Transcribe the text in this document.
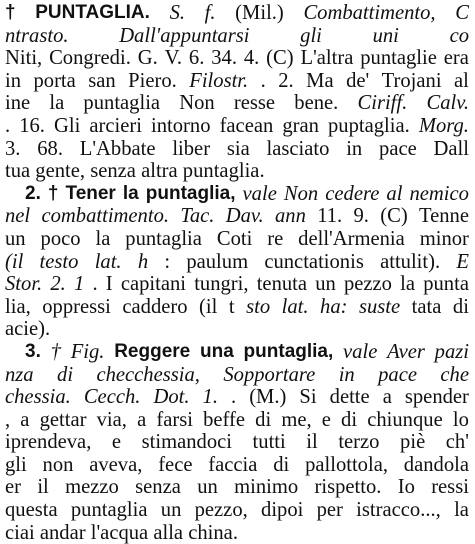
† PUNTAGLIA. S. f. (Mil.) Combattimento, C
ntrasto. Dall'appuntarsi gli uni co
Niti, Congredi. G. V. 6. 34. 4. (C) L'altra puntaglie era
in porta san Piero. Filostr. . 2. Ma de' Trojani al
ine la puntaglia Non resse bene. Ciriff. Calv.
. 16. Gli arcieri intorno facean gran puptaglia. Morg.
3. 68. L'Abbate liber sia lasciato in pace Dall
tua gente, senza altra puntaglia.
2. † Tener la puntaglia, vale Non cedere al nemico
nel combattimento. Tac. Dav. ann 11. 9. (C) Tenne
un poco la puntaglia Coti re dell'Armenia minor
(il testo lat. h : paulum cunctationis attulit). E
Stor. 2. 1 . I capitani tungri, tenuta un pezzo la punta
lia, oppressi caddero (il t sto lat. ha: suste tata di
acie).
3. † Fig. Reggere una puntaglia, vale Aver pazi
nza di checchessia, Sopportare in pace che
chessia. Cecch. Dot. 1. . (M.) Si dette a spender
, a gettar via, a farsi beffe di me, e di chiunque lo
iprendeva, e stimandoci tutti il terzo piè ch'
gli non aveva, fece faccia di pallottola, dandola
er il mezzo senza un minimo rispetto. Io ressi
questa puntaglia un pezzo, dipoi per istracco..., la
ciai andar l'acqua alla china.
